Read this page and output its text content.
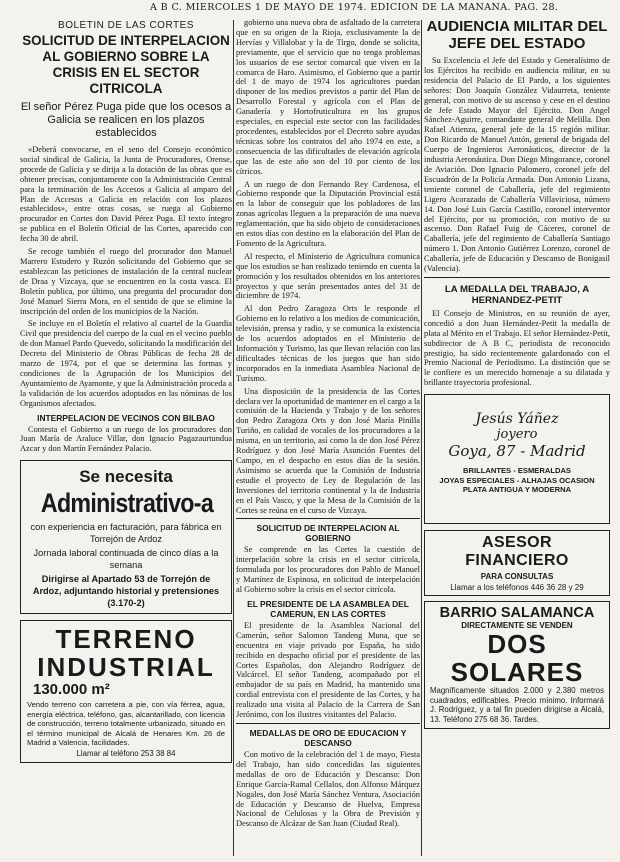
A B C. MIERCOLES 1 DE MAYO DE 1974. EDICION DE LA MAÑANA. PAG. 28.
BOLETIN DE LAS CORTES
SOLICITUD DE INTERPELACION AL GOBIERNO SOBRE LA CRISIS EN EL SECTOR CITRICOLA
El señor Pérez Puga pide que los ocesos a Galicia se realicen en los plazos establecidos

«Deberá convocarse, en el seno del Consejo económico social sindical de Galicia, la Junta de Procuradores, Orense, procede de Galicia y se dirija a la dotación de las obras que es obtener precisas, conjuntamente con la Administración Central para la terminación de los Accesos a Galicia al amparo del Plan de Accesos a Galicia en relación con los plazos establecidos», entre otras cosas, se ruega al Gobierno procurador en Cortes don David Pérez Puga. El texto íntegro se publica en el Boletín Oficial de las Cortes, aparecido con fecha 30 de abril.

Se recoge también el ruego del procurador don Manuel Marrero Estudero y Ruzón solicitando del Gobierno que se establezcan las peticiones de instalación de la central nuclear de Draa y Vizcaya, que se encuentren en la costa vasca. El Boletín publica, por último, una pregunta del procurador don José Manuel Sierra Mora, en el sentido de que se elimine la inscripción del orden de los municipios de la Nación.

Se incluye en el Boletín el relativo al cuartel de la Guardia Civil que presidencia del cuerpo de la cual en el vecino pueblo de don Manuel Pardo Quevedo, solicitando la modificación del Decreto del Ministerio de Obras Públicas de fecha 28 de marzo de 1974, por el que se determina las formas y condiciones de la Agrupación de los Municipios del Ayuntamiento de Ayamonte, y que la Administración proceda a la validación de los acuerdos adoptados en las nóminas de los Organismos afectados.

INTERPELACION DE VECINOS CON BILBAO

Contesta el Gobierno a un ruego de los procuradores don Juan María de Araluce Villar, don Ignacio Pagazaurtundua Azcar y don Martín Fernández Palacio.

Se necesita
Administrativo-a
con experiencia en facturación, para fábrica en Torrejón de Ardoz
Jornada laboral continuada de cinco días a la semana
Dirigirse al Apartado 53 de Torrejón de Ardoz, adjuntando historial y pretensiones (3.170-2)
TERRENO
INDUSTRIAL
130.000 m²
Vendo terreno con carretera a pie, con vía férrea, agua, energía eléctrica, teléfono, gas, alcantarillado, con licencia de construcción, terreno totalmente urbanizado, situado en el término municipal de Alcalá de Henares Km. 26 de Madrid a Valencia, facilidades.
Llamar al teléfono 253 38 84

gobierno una nueva obra de asfaltado de la carretera que en su origen de la Rioja, exclusivamente la de Hervías y Villalobar y la de Tirgo, donde se solicita, previamente, que el servicio que no tenga problemas los usuarios de ese sector comarcal que viven en la comarca de Haro. Asimismo, el Gobierno que a partir del 1 de mayo de 1974 los agricultores puedan disponer de los medios previstos a partir del Plan de Desarrollo Forestal y agrícola con el Plan de Ganadería y Hortofruticultura en los grupos especiales, en especial este sector con las facilidades procedentes, establecidos por el Decreto sobre ayudas técnicas sobre los contratos del año 1974 en este, a consecuencia de las dificultades de elevación agrícola que las de este año son del 10 por ciento de los cítricos.

A un ruego de don Fernando Rey Cardenosa, el Gobierno responde que la Diputación Provincial está en la labor de conseguir que los pobladores de las zonas agrícolas lleguen a la preparación de una nueva reglamentación, que ha sido objeto de consideraciones en estos días con destino en la elaboración del Plan de Fomento de la Agricultura.

Al respecto, el Ministerio de Agricultura comunica que los estudios se han realizado teniendo en cuenta la promoción y los resultados obtenidos en los anteriores proyectos y que serán presentados antes del 31 de diciembre de 1974.

Al don Pedro Zaragoza Orts le responde el Gobierno en lo relativo a los medios de comunicación, televisión, prensa y radio, y se comunica la existencia de los acuerdos adoptados en el Ministerio de Información y Turismo, las que llevan relación con las dificultades técnicas de los juegos que han sido incorporados en la inmediata Asamblea Nacional de Turismo.

Una disposición de la presidencia de las Cortes declara ver la oportunidad de mantener en el cargo a la comisión de la Hacienda y Trabajo y de los señores don Pedro Zaragoza Orts y don José María Pinilla Turiño, en calidad de vocales de los procuradores a la misma, en un territorio, así como la de don José Pérez Rodríguez y don José María Asunción Fuentes del Campo, en el despacho en estos días de la sesión. Asimismo se acuerda que la Comisión de Industria estudie el proyecto de Ley de Regulación de las Inversiones del territorio continental y la de Industria en el País Vasco, y que la Mesa de la Comisión de la Cortes se reúna en el curso de Vizcaya.

SOLICITUD DE INTERPELACION AL GOBIERNO

Se comprende en las Cortes la cuestión de interpelación sobre la crisis en el sector citrícola, formulada por los procuradores don Pablo de Manuel y Martínez de Espinosa, en solicitud de interpelación al Gobierno sobre la crisis en el sector citrícola.

EL PRESIDENTE DE LA ASAMBLEA DEL CAMERUN, EN LAS CORTES

El presidente de la Asamblea Nacional del Camerún, señor Salomon Tandeng Muna, que se encuentra en viaje privado por España, ha sido recibido en despacho oficial por el presidente de las Cortes Españolas, don Alejandro Rodríguez de Valcárcel. El señor Tandeng, acompañado por el embajador de su país en Madrid, ha mantenido una cordial entrevista con el presidente de las Cortes, y ha realizado una visita al Palacio de la Carrera de San Jerónimo, con los ilustres visitantes del Palacio.

MEDALLAS DE ORO DE EDUCACION Y DESCANSO

Con motivo de la celebración del 1 de mayo, Fiesta del Trabajo, han sido concedidas las siguientes medallas de oro de Educación y Descanso: Don Enrique García-Ramal Cellalos, don Alfonso Márquez Nogales, don José María Sánchez Ventura, Asociación de Educación y Descanso de Huelva, Empresa Nacional de Celulosas y la Obra de Previsión y Descanso de Alcázar de San Juan (Ciudad Real).

AUDIENCIA MILITAR DEL JEFE DEL ESTADO

Su Excelencia el Jefe del Estado y Generalísimo de los Ejércitos ha recibido en audiencia militar, en su residencia del Palacio de El Pardo, a los siguientes señores: Don Joaquín González Vidaurreta, teniente general, con motivo de su ascenso y cese en el destino de Jefe Estado Mayor del Ejército. Don Angel Sánchez-Aguirre, comandante general de Melilla. Don Rafael Atienza, general jefe de la 15 región militar. Don Ricardo de Manuel Antón, general de brigada del Cuerpo de Ingenieros Aeronáuticos, director de la industria Aeronáutica. Don Diego Mingorance, coronel de Aviación. Don Ignacio Palomero, coronel jefe del Escuadrón de la Policía Armada. Don Antonio Lizana, teniente coronel de Caballería, jefe del regimiento Ligero Acorazado de Caballería Villaviciosa, número 14. Don José Luis García Castillo, coronel interventor del Ejército, por su promoción, con motivo de su ascenso. Don Rafael Fuig de Cáceres, coronel de Caballería, jefe del regimiento de Caballería Santiago número 1. Don Antonio Gutiérrez Lorenzo, coronel de Caballería, jefe de Educación y Descanso de Bonigasil (Valencia).

LA MEDALLA DEL TRABAJO, A HERNANDEZ-PETIT

El Consejo de Ministros, en su reunión de ayer, concedió a don Juan Hernández-Petit la medalla de plata al Mérito en el Trabajo. El señor Hernández-Petit, subdirector de A B C, periodista de reconocido prestigio, ha sido recientemente galardonado con el Premio Nacional de Periodismo. La distinción que se le confiere es un merecido homenaje a su dilatada y brillante trayectoria profesional.

Jesús Yáñez
joyero
Goya, 87 - Madrid
BRILLANTES - ESMERALDAS
JOYAS ESPECIALES - ALHAJAS OCASION
PLATA ANTIGUA Y MODERNA
ASESOR FINANCIERO
PARA CONSULTAS
Llamar a los teléfonos 446 36 28 y 29
BARRIO SALAMANCA
DIRECTAMENTE SE VENDEN
DOS SOLARES
Magníficamente situados 2.000 y 2.380 metros cuadrados, edificables. Precio mínimo. Informará J. Rodríguez, y a tal fin pueden dirigirse a Alcalá, 13. Teléfono 275 68 36. Tardes.
